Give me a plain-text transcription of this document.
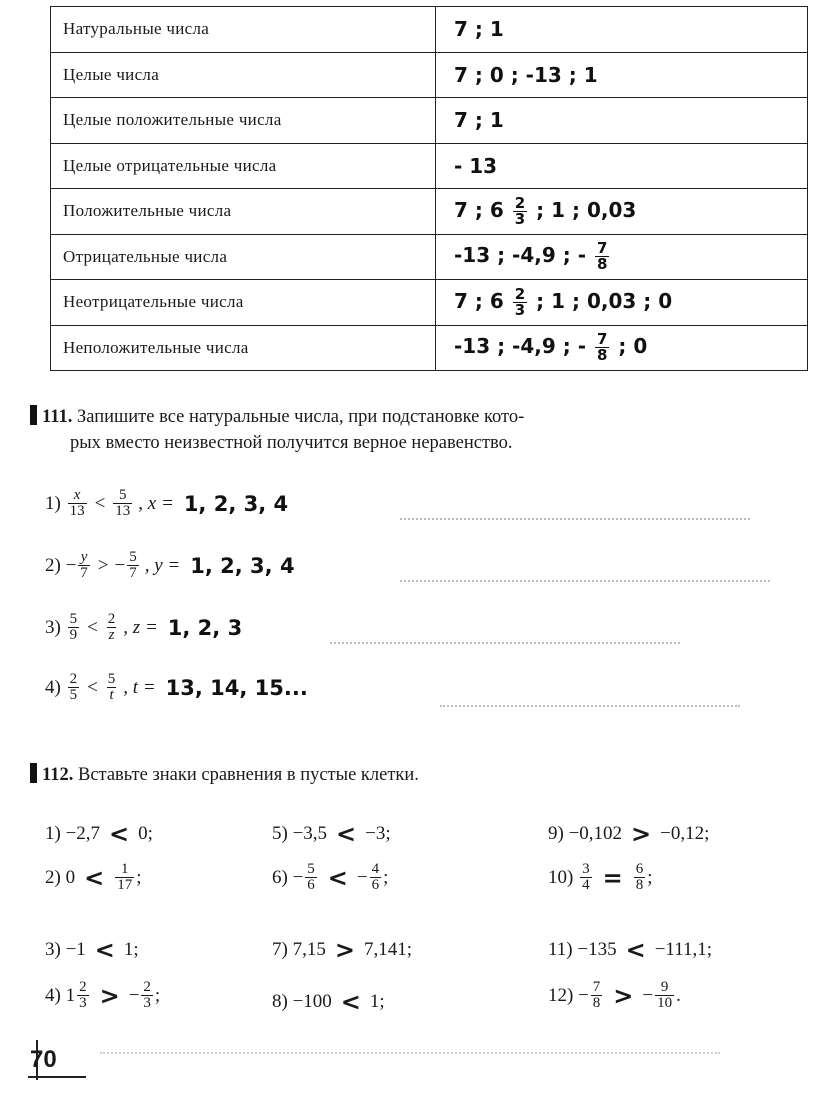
Натуральные числа	7 ; 1
Целые числа	7 ; 0 ; -13 ; 1
Целые положительные числа	7 ; 1
Целые отрицательные числа	- 13
Положительные числа	7 ; $6 \frac{2}{3}$ ; 1 ; 0,03
Отрицательные числа	-13 ; -4,9 ; - $\frac{7}{8}$

Неотрицательные числа	7 ; $6 \frac{2}{3}$ ; 1 ; 0,03 ; 0
Неположительные числа	-13 ; -4,9 ; - $\frac{7}{8}$ ; 0
111. Запишите все натуральные числа, при подстановке кото-
рых вместо неизвестной получится верное неравенство.
1)
$\frac{x}{13} < \frac{5}{13}$ , x = 1, 2, 3, 4
2)
− $\frac{y}{7}$ > − $\frac{5}{7}$ , y = 1, 2, 3, 4
3)
$\frac{5}{9} < \frac{2}{z}$ , z = 1, 2, 3
4)
$\frac{2}{5} < \frac{5}{t}$ , t = 13, 14, 15...
112. Вставьте знаки сравнения в пустые клетки.
1)
−2,7 < 0;	5)
−3,5 < −3;	9)
−0,102 > −0,12;
2)
$0 < \frac{1}{17}$ ;	6)
− $\frac{5}{6}$ < − $\frac{4}{6}$ ;	10)
$\frac{3}{4} = \frac{6}{8}$ ;
3)
−1 < 1;	7)
7,15 > 7,141;	11)
−135 < −111,1;
4)
$1 \frac{2}{3}$ > − $\frac{2}{3}$ ;	8)
−100 < 1;	12)
− $\frac{7}{8}$ > − $\frac{9}{10}$ .
70
